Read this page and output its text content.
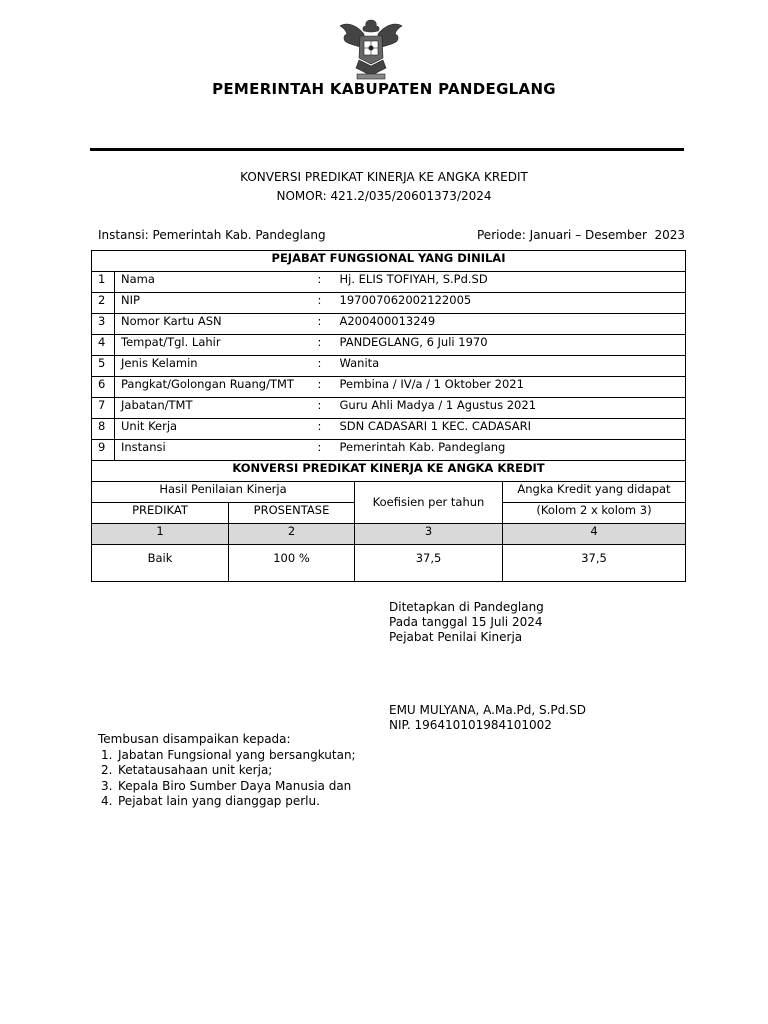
PEMERINTAH KABUPATEN PANDEGLANG
KONVERSI PREDIKAT KINERJA KE ANGKA KREDIT
NOMOR: 421.2/035/20601373/2024
Instansi: Pemerintah Kab. Pandeglang	Periode: Januari – Desember  2023
PEJABAT FUNGSIONAL YANG DINILAI			
1	Nama	:	Hj. ELIS TOFIYAH, S.Pd.SD
2	NIP	:	197007062002122005
3	Nomor Kartu ASN	:	A200400013249
4	Tempat/Tgl. Lahir	:	PANDEGLANG, 6 Juli 1970
5	Jenis Kelamin	:	Wanita
6	Pangkat/Golongan Ruang/TMT	:	Pembina / IV/a / 1 Oktober 2021
7	Jabatan/TMT	:	Guru Ahli Madya / 1 Agustus 2021
8	Unit Kerja	:	SDN CADASARI 1 KEC. CADASARI
9	Instansi	:	Pemerintah Kab. Pandeglang
KONVERSI PREDIKAT KINERJA KE ANGKA KREDIT			
Hasil Penilaian Kinerja		Koefisien per tahun	Angka Kredit yang didapat
PREDIKAT	PROSENTASE		(Kolom 2 x kolom 3)
1	2	3	4
Baik	100 %	37,5	37,5
Ditetapkan di Pandeglang
Pada tanggal 15 Juli 2024
Pejabat Penilai Kinerja
EMU MULYANA, A.Ma.Pd, S.Pd.SD
NIP. 196410101984101002
Tembusan disampaikan kepada:
1. Jabatan Fungsional yang bersangkutan;
2. Ketatausahaan unit kerja;
3. Kepala Biro Sumber Daya Manusia dan
4. Pejabat lain yang dianggap perlu.
